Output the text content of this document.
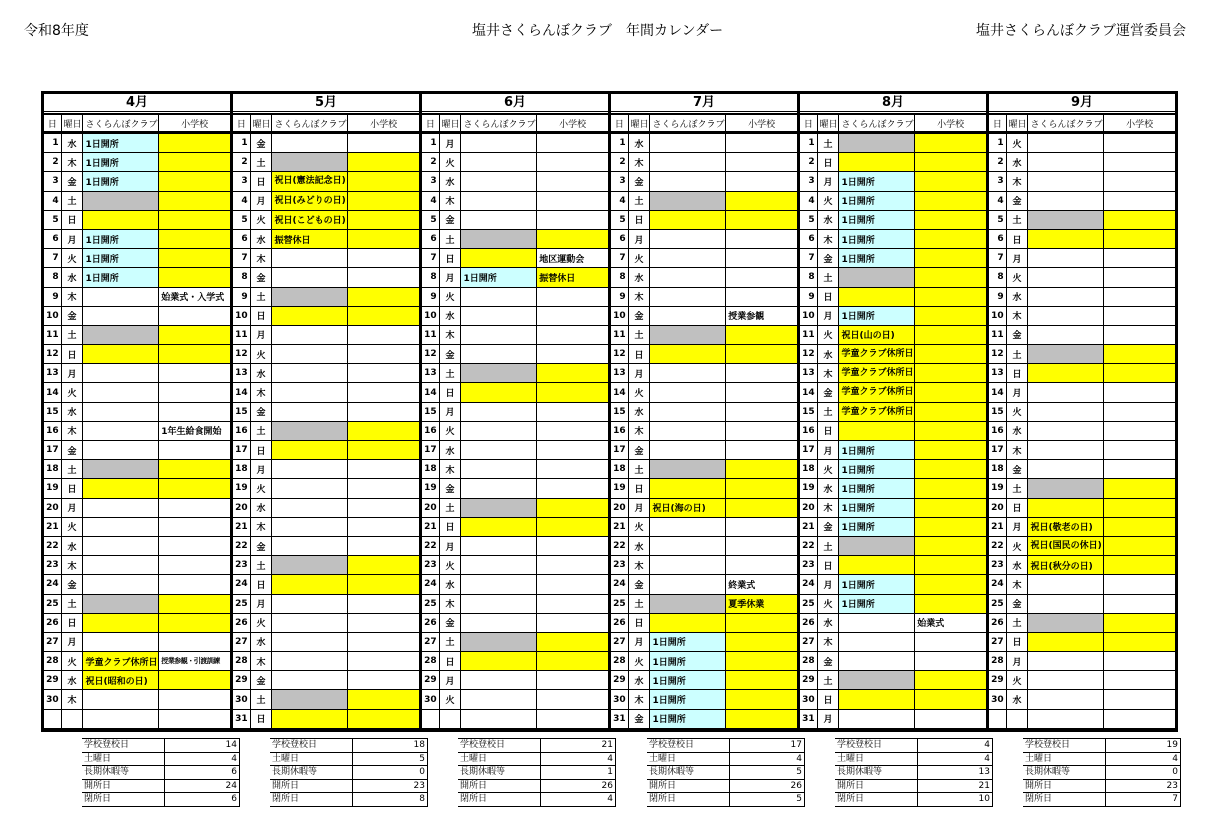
令和8年度	塩井さくらんぼクラブ　年間カレンダー	塩井さくらんぼクラブ運営委員会
4月
日	曜日	さくらんぼクラブ	小学校
1	水	1日開所	
2	木	1日開所	
3	金	1日開所	
4	土		
5	日		
6	月	1日開所	
7	火	1日開所	
8	水	1日開所	
9	木		始業式・入学式
10	金		
11	土		
12	日		
13	月		
14	火		
15	水		
16	木		1年生給食開始
17	金		
18	土		
19	日		
20	月		
21	火		
22	水		
23	木		
24	金		
25	土		
26	日		
27	月		
28	火	学童クラブ休所日	授業参観・引渡訓練
29	水	祝日(昭和の日)	
30	木		

5月
日	曜日	さくらんぼクラブ	小学校
1	金		
2	土		
3	日	祝日(憲法記念日)	

4	月	祝日(みどりの日)	

5	火	祝日(こどもの日)	
6	水	振替休日	
7	木		
8	金		
9	土		
10	日		
11	月		
12	火		
13	水		
14	木		
15	金		
16	土		
17	日		
18	月		
19	火		
20	水		
21	木		
22	金		
23	土		
24	日		
25	月		
26	火		
27	水		
28	木		
29	金		
30	土		
31	日		
6月
日	曜日	さくらんぼクラブ	小学校
1	月		
2	火		
3	水		
4	木		
5	金		
6	土		
7	日		地区運動会
8	月	1日開所	振替休日
9	火		
10	水		
11	木		
12	金		
13	土		
14	日		
15	月		
16	火		
17	水		
18	木		
19	金		
20	土		
21	日		
22	月		
23	火		
24	水		
25	木		
26	金		
27	土		
28	日		
29	月		
30	火		

7月
日	曜日	さくらんぼクラブ	小学校
1	水		
2	木		
3	金		
4	土		
5	日		
6	月		
7	火		
8	水		
9	木		
10	金		授業参観
11	土		
12	日		
13	月		
14	火		
15	水		
16	木		
17	金		
18	土		
19	日		
20	月	祝日(海の日)	
21	火		
22	水		
23	木		
24	金		終業式
25	土		夏季休業
26	日		
27	月	1日開所	
28	火	1日開所	
29	水	1日開所	
30	木	1日開所	
31	金	1日開所	
8月
日	曜日	さくらんぼクラブ	小学校
1	土		
2	日		
3	月	1日開所	
4	火	1日開所	
5	水	1日開所	
6	木	1日開所	
7	金	1日開所	
8	土		
9	日		
10	月	1日開所	
11	火	祝日(山の日)	
12	水	学童クラブ休所日	

13	木	学童クラブ休所日	

14	金	学童クラブ休所日	

15	土	学童クラブ休所日	

16	日		
17	月	1日開所	
18	火	1日開所	
19	水	1日開所	
20	木	1日開所	
21	金	1日開所	
22	土		
23	日		
24	月	1日開所	
25	火	1日開所	
26	水		始業式
27	木		
28	金		
29	土		
30	日		
31	月		
9月
日	曜日	さくらんぼクラブ	小学校
1	火		
2	水		
3	木		
4	金		
5	土		
6	日		
7	月		
8	火		
9	水		
10	木		
11	金		
12	土		
13	日		
14	月		
15	火		
16	水		
17	木		
18	金		
19	土		
20	日		
21	月	祝日(敬老の日)	
22	火	祝日(国民の休日)	

23	水	祝日(秋分の日)	
24	木		
25	金		
26	土		
27	日		
28	月		
29	火		
30	水		

学校登校日	14
土曜日	4
長期休暇等	6
開所日	24
閉所日	6
学校登校日	18
土曜日	5
長期休暇等	0
開所日	23
閉所日	8
学校登校日	21
土曜日	4
長期休暇等	1
開所日	26
閉所日	4
学校登校日	17
土曜日	4
長期休暇等	5
開所日	26
閉所日	5
学校登校日	4
土曜日	4
長期休暇等	13
開所日	21
閉所日	10
学校登校日	19
土曜日	4
長期休暇等	0
開所日	23
閉所日	7
